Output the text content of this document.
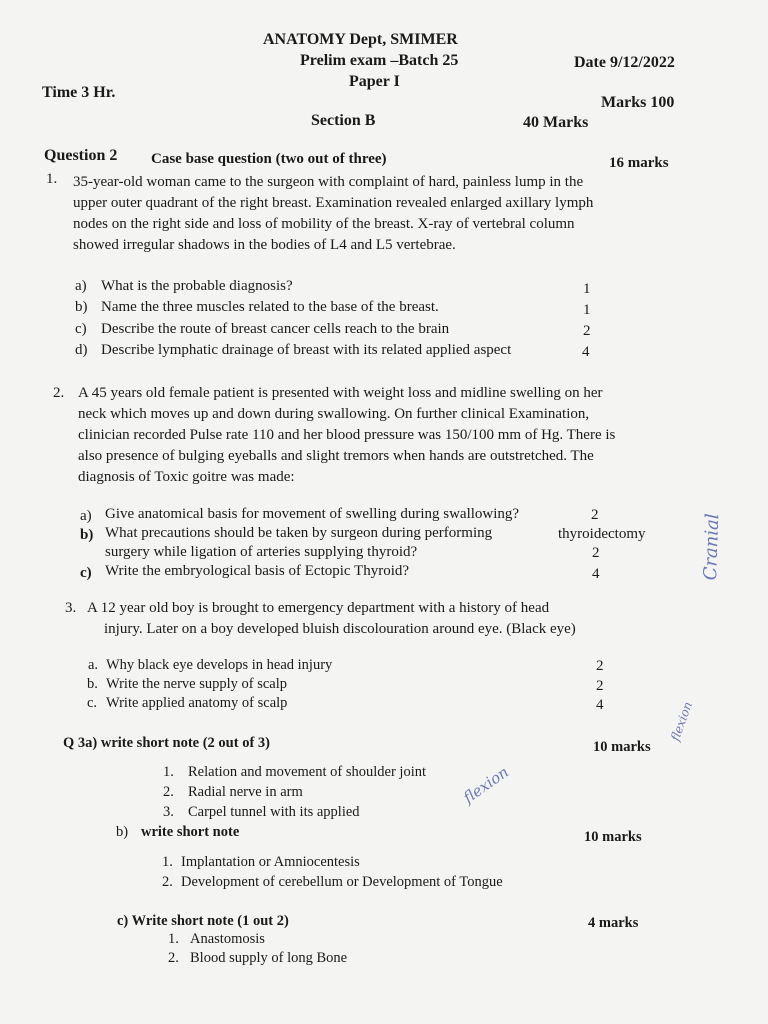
ANATOMY Dept, SMIMER
Prelim exam –Batch 25
Paper I
Date 9/12/2022
Time 3 Hr.
Marks 100
Section B	40 Marks
Question 2 Case base question (two out of three)	16 marks
1. 35-year-old woman came to the surgeon with complaint of hard, painless lump in the
upper outer quadrant of the right breast. Examination revealed enlarged axillary lymph
nodes on the right side and loss of mobility of the breast. X-ray of vertebral column
showed irregular shadows in the bodies of L4 and L5 vertebrae.
a) What is the probable diagnosis?	1
b) Name the three muscles related to the base of the breast.	1
c) Describe the route of breast cancer cells reach to the brain	2
d) Describe lymphatic drainage of breast with its related applied aspect	4
2. A 45 years old female patient is presented with weight loss and midline swelling on her
neck which moves up and down during swallowing. On further clinical Examination,
clinician recorded Pulse rate 110 and her blood pressure was 150/100 mm of Hg. There is
also presence of bulging eyeballs and slight tremors when hands are outstretched. The
diagnosis of Toxic goitre was made:
a) Give anatomical basis for movement of swelling during swallowing?	2
b) What precautions should be taken by surgeon during performing	thyroidectomy
surgery while ligation of arteries supplying thyroid?	2
c) Write the embryological basis of Ectopic Thyroid?	4
3. A 12 year old boy is brought to emergency department with a history of head
injury. Later on a boy developed bluish discolouration around eye. (Black eye)
a. Why black eye develops in head injury	2
b. Write the nerve supply of scalp	2
c. Write applied anatomy of scalp	4
Q 3a) write short note (2 out of 3)	10 marks
1. Relation and movement of shoulder joint
2. Radial nerve in arm
3. Carpel tunnel with its applied
b) write short note	10 marks
1. Implantation or Amniocentesis
2. Development of cerebellum or Development of Tongue
c) Write short note (1 out 2)	4 marks
1. Anastomosis
2. Blood supply of long Bone
Cranial
flexion
flexion
